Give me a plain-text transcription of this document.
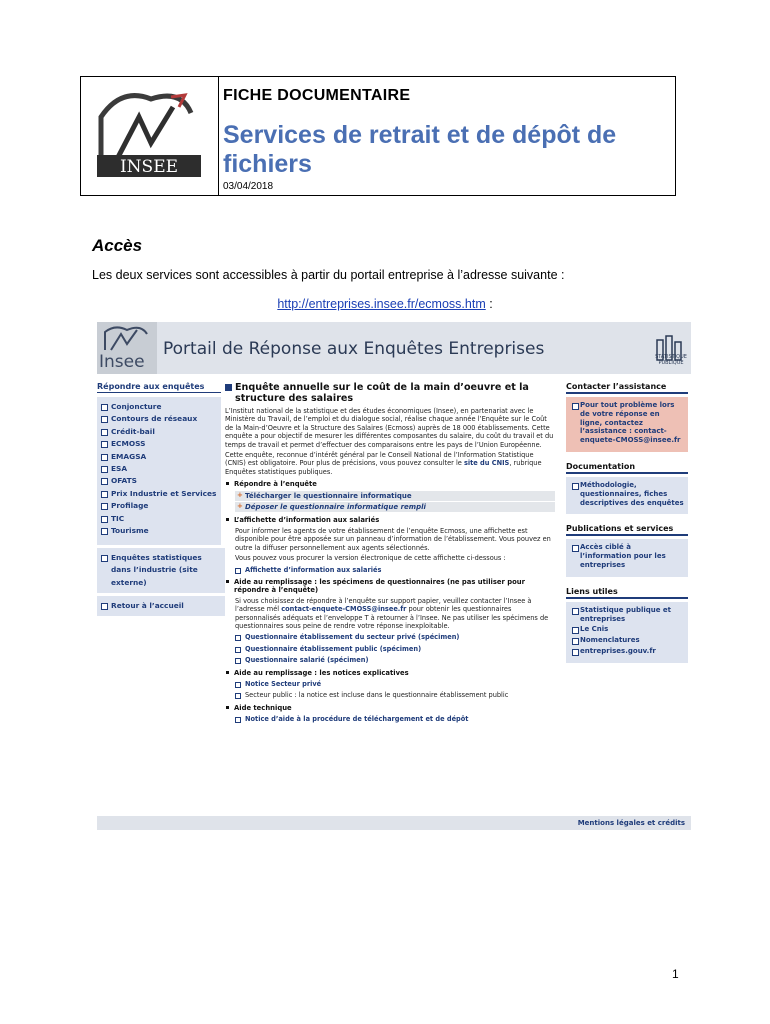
INSEE
FICHE DOCUMENTAIRE
Services de retrait et de dépôt de fichiers
03/04/2018
Accès
Les deux services sont accessibles à partir du portail entreprise à l’adresse suivante :
http://entreprises.insee.fr/ecmoss.htm :
Insee
Portail de Réponse aux Enquêtes Entreprises	STATISTIQUE PUBLIQUE
Répondre aux enquêtes
Conjoncture
Contours de réseaux
Crédit-bail
ECMOSS
EMAGSA
ESA
OFATS
Prix Industrie et Services
Profilage
TIC
Tourisme
Enquêtes statistiques dans l’industrie (site externe)
Retour à l’accueil
Enquête annuelle sur le coût de la main d’oeuvre et la structure des salaires

L’Institut national de la statistique et des études économiques (Insee), en partenariat avec le Ministère du Travail, de l’emploi et du dialogue social, réalise chaque année l’Enquête sur le Coût de la Main-d’Oeuvre et la Structure des Salaires (Ecmoss) auprès de 18 000 établissements. Cette enquête a pour objectif de mesurer les différentes composantes du salaire, du coût du travail et du temps de travail et permet d’effectuer des comparaisons entre les pays de l’Union Européenne.

Cette enquête, reconnue d’intérêt général par le Conseil National de l’Information Statistique (CNIS) est obligatoire. Pour plus de précisions, vous pouvez consulter le site du CNIS, rubrique Enquêtes statistiques publiques.

Répondre à l’enquête
+ Télécharger le questionnaire informatique
+ Déposer le questionnaire informatique rempli
L’affichette d’information aux salariés

Pour informer les agents de votre établissement de l’enquête Ecmoss, une affichette est disponible pour être apposée sur un panneau d’information de l’établissement. Vous pouvez en outre la diffuser personnellement aux agents sélectionnés.

Vous pouvez vous procurer la version électronique de cette affichette ci-dessous :

Affichette d’information aux salariés
Aide au remplissage : les spécimens de questionnaires (ne pas utiliser pour répondre à l’enquête)

Si vous choisissez de répondre à l’enquête sur support papier, veuillez contacter l’Insee à l’adresse mél contact-enquete-CMOSS@insee.fr pour obtenir les questionnaires personnalisés adéquats et l’enveloppe T à retourner à l’Insee. Ne pas utiliser les spécimens de questionnaires sous peine de rendre votre réponse inexploitable.

Questionnaire établissement du secteur privé (spécimen)
Questionnaire établissement public (spécimen)
Questionnaire salarié (spécimen)
Aide au remplissage : les notices explicatives
Notice Secteur privé
Secteur public : la notice est incluse dans le questionnaire établissement public
Aide technique
Notice d’aide à la procédure de téléchargement et de dépôt
Contacter l’assistance
Pour tout problème lors de votre réponse en ligne, contactez l’assistance : contact-enquete-CMOSS@insee.fr
Documentation
Méthodologie, questionnaires, fiches descriptives des enquêtes
Publications et services
Accès ciblé à l’information pour les entreprises
Liens utiles
Statistique publique et entreprises
Le Cnis
Nomenclatures
entreprises.gouv.fr
Mentions légales et crédits
1
